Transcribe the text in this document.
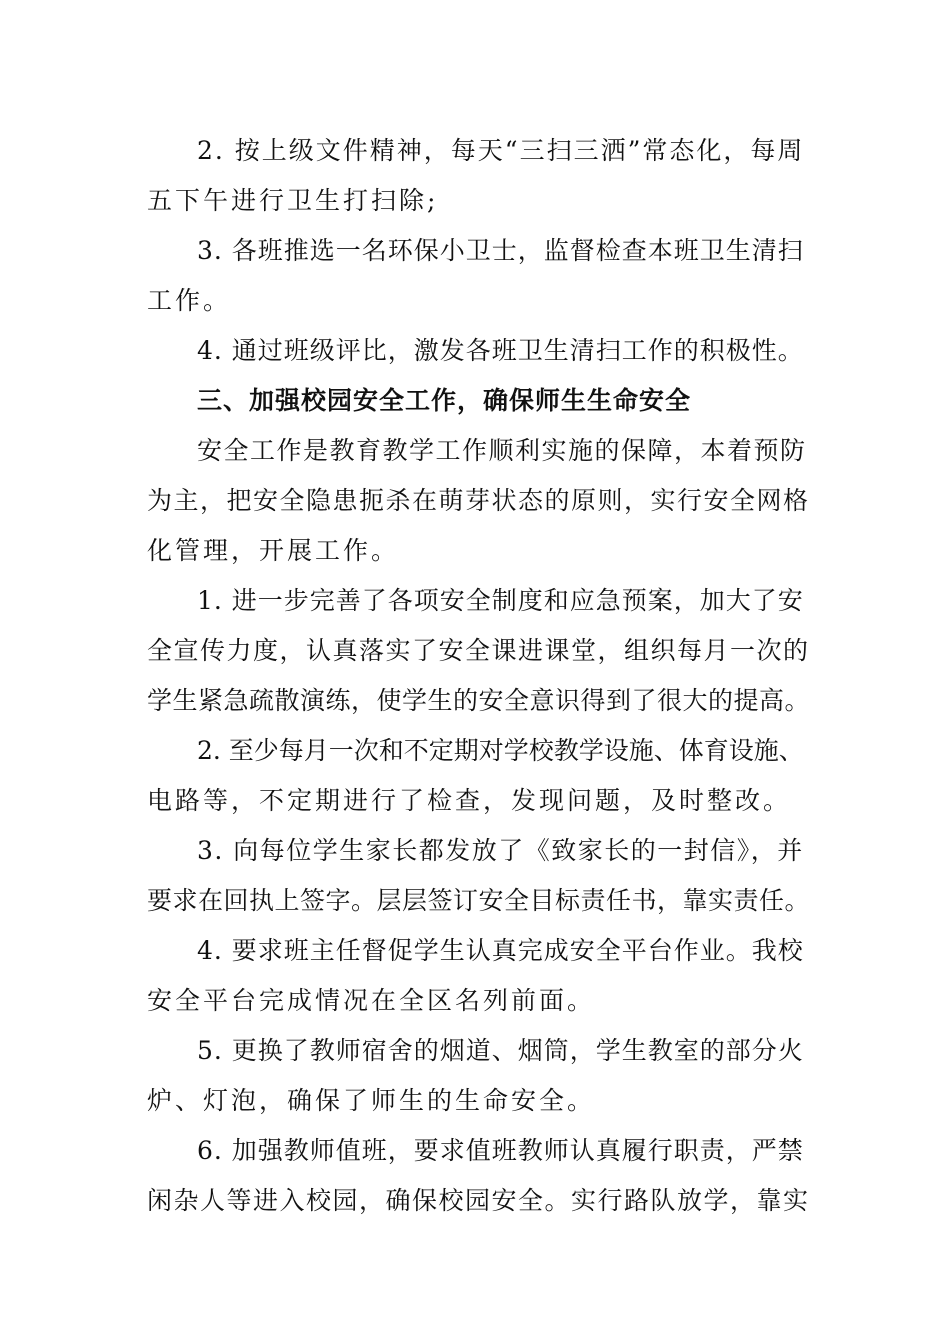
2. 按上级文件精神，每天“三扫三洒”常态化，每周
五下午进行卫生打扫除;
3. 各班推选一名环保小卫士，监督检查本班卫生清扫
工作。
4. 通过班级评比，激发各班卫生清扫工作的积极性。
三、加强校园安全工作，确保师生生命安全
安全工作是教育教学工作顺利实施的保障，本着预防
为主，把安全隐患扼杀在萌芽状态的原则，实行安全网格
化管理，开展工作。
1. 进一步完善了各项安全制度和应急预案，加大了安
全宣传力度，认真落实了安全课进课堂，组织每月一次的
学生紧急疏散演练，使学生的安全意识得到了很大的提高。
2. 至少每月一次和不定期对学校教学设施、体育设施、
电路等，不定期进行了检查，发现问题，及时整改。
3. 向每位学生家长都发放了《致家长的一封信》，并
要求在回执上签字。层层签订安全目标责任书，靠实责任。
4. 要求班主任督促学生认真完成安全平台作业。我校
安全平台完成情况在全区名列前面。
5. 更换了教师宿舍的烟道、烟筒，学生教室的部分火
炉、灯泡，确保了师生的生命安全。
6. 加强教师值班，要求值班教师认真履行职责，严禁
闲杂人等进入校园，确保校园安全。实行路队放学，靠实
